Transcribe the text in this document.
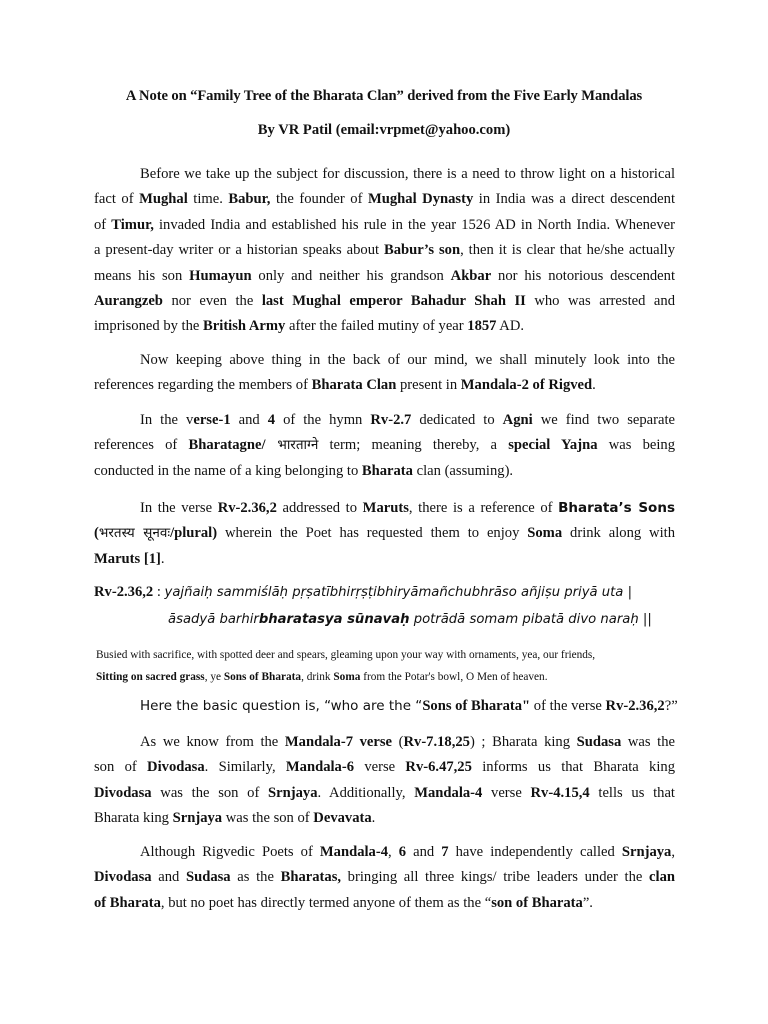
A Note on “Family Tree of the Bharata Clan” derived from the Five Early Mandalas
By VR Patil (email:vrpmet@yahoo.com)

Before we take up the subject for discussion, there is a need to throw light on a historical

fact of Mughal time. Babur, the founder of Mughal Dynasty in India was a direct descendent

of Timur, invaded India and established his rule in the year 1526 AD in North India. Whenever

a present-day writer or a historian speaks about Babur’s son, then it is clear that he/she actually

means his son Humayun only and neither his grandson Akbar nor his notorious descendent

Aurangzeb nor even the last Mughal emperor Bahadur Shah II who was arrested and

imprisoned by the British Army after the failed mutiny of year 1857 AD.

Now keeping above thing in the back of our mind, we shall minutely look into the

references regarding the members of Bharata Clan present in Mandala-2 of Rigved.

In the verse-1 and 4 of the hymn Rv-2.7 dedicated to Agni we find two separate

references of Bharatagne/ भारताग्ने term; meaning thereby, a special Yajna was being

conducted in the name of a king belonging to Bharata clan (assuming).

In the verse Rv-2.36,2 addressed to Maruts, there is a reference of Bharata’s Sons

(भरतस्य सूनवः/plural) wherein the Poet has requested them to enjoy Soma drink along with

Maruts [1].

Rv-2.36,2 : yajñaiḥ sammiślāḥ pṛṣatībhirṛṣṭibhiryāmañchubhrāso añjiṣu priyā uta |
āsadyā barhirbharatasya sūnavaḥ potrādā somam pibatā divo naraḥ ||

Busied with sacrifice, with spotted deer and spears, gleaming upon your way with ornaments, yea, our friends,

Sitting on sacred grass, ye Sons of Bharata, drink Soma from the Potar's bowl, O Men of heaven.

Here the basic question is, “who are the “Sons of Bharata" of the verse Rv-2.36,2?”

As we know from the Mandala-7 verse (Rv-7.18,25) ; Bharata king Sudasa was the

son of Divodasa. Similarly, Mandala-6 verse Rv-6.47,25 informs us that Bharata king

Divodasa was the son of Srnjaya. Additionally, Mandala-4 verse Rv-4.15,4 tells us that

Bharata king Srnjaya was the son of Devavata.

Although Rigvedic Poets of Mandala-4, 6 and 7 have independently called Srnjaya,

Divodasa and Sudasa as the Bharatas, bringing all three kings/ tribe leaders under the clan

of Bharata, but no poet has directly termed anyone of them as the “son of Bharata”.
